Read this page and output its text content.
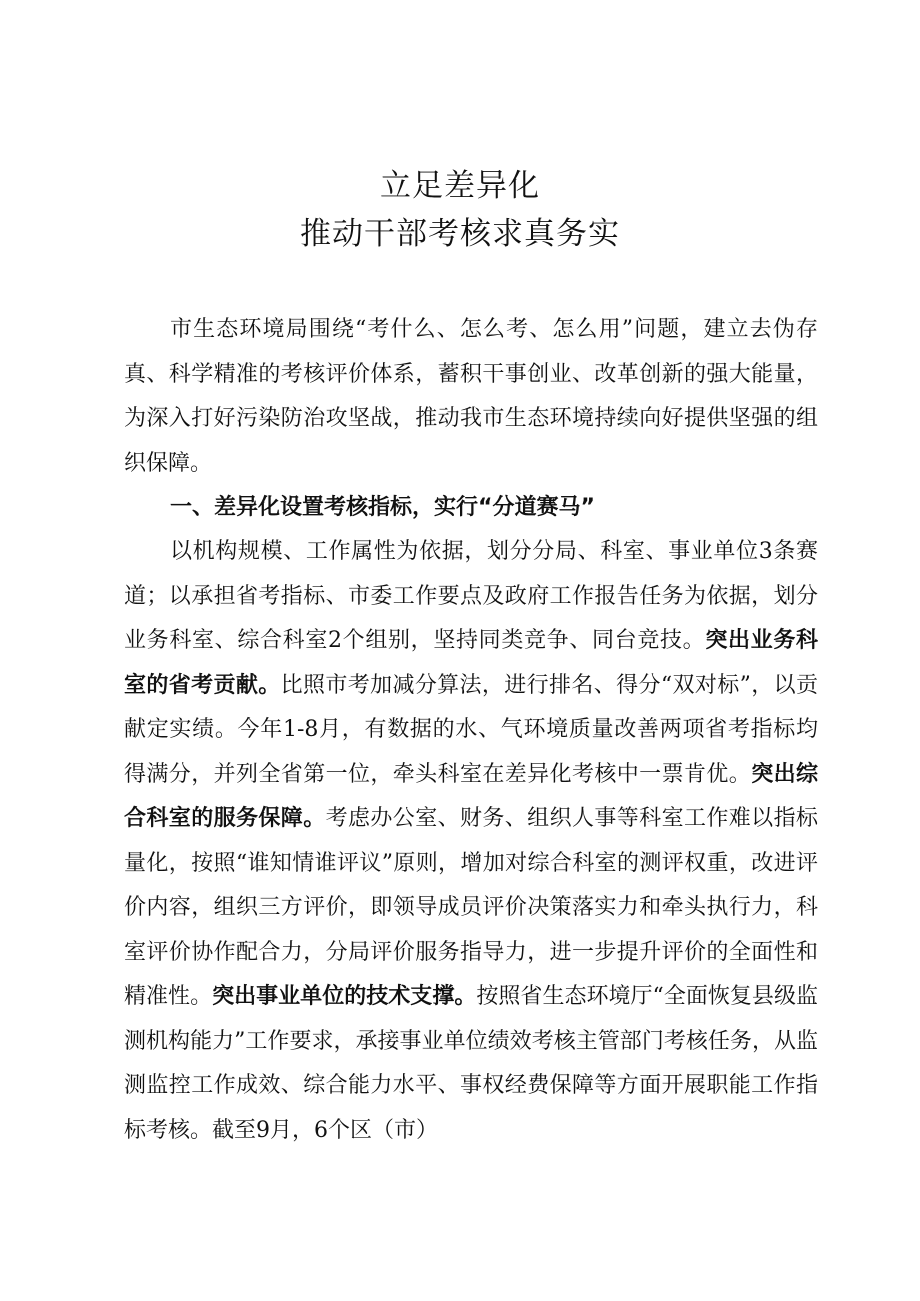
立足差异化
推动干部考核求真务实
市生态环境局围绕“考什么、怎么考、怎么用”问题，建立去伪存真、科学精准的考核评价体系，蓄积干事创业、改革创新的强大能量，为深入打好污染防治攻坚战，推动我市生态环境持续向好提供坚强的组织保障。
一、差异化设置考核指标，实行“分道赛马”
以机构规模、工作属性为依据，划分分局、科室、事业单位3条赛道；以承担省考指标、市委工作要点及政府工作报告任务为依据，划分业务科室、综合科室2个组别，坚持同类竞争、同台竞技。突出业务科室的省考贡献。比照市考加减分算法，进行排名、得分“双对标”，以贡献定实绩。今年1-8月，有数据的水、气环境质量改善两项省考指标均得满分，并列全省第一位，牵头科室在差异化考核中一票肯优。突出综合科室的服务保障。考虑办公室、财务、组织人事等科室工作难以指标量化，按照“谁知情谁评议”原则，增加对综合科室的测评权重，改进评价内容，组织三方评价，即领导成员评价决策落实力和牵头执行力，科室评价协作配合力，分局评价服务指导力，进一步提升评价的全面性和精准性。突出事业单位的技术支撑。按照省生态环境厅“全面恢复县级监测机构能力”工作要求，承接事业单位绩效考核主管部门考核任务，从监测监控工作成效、综合能力水平、事权经费保障等方面开展职能工作指标考核。截至9月，6个区（市）
